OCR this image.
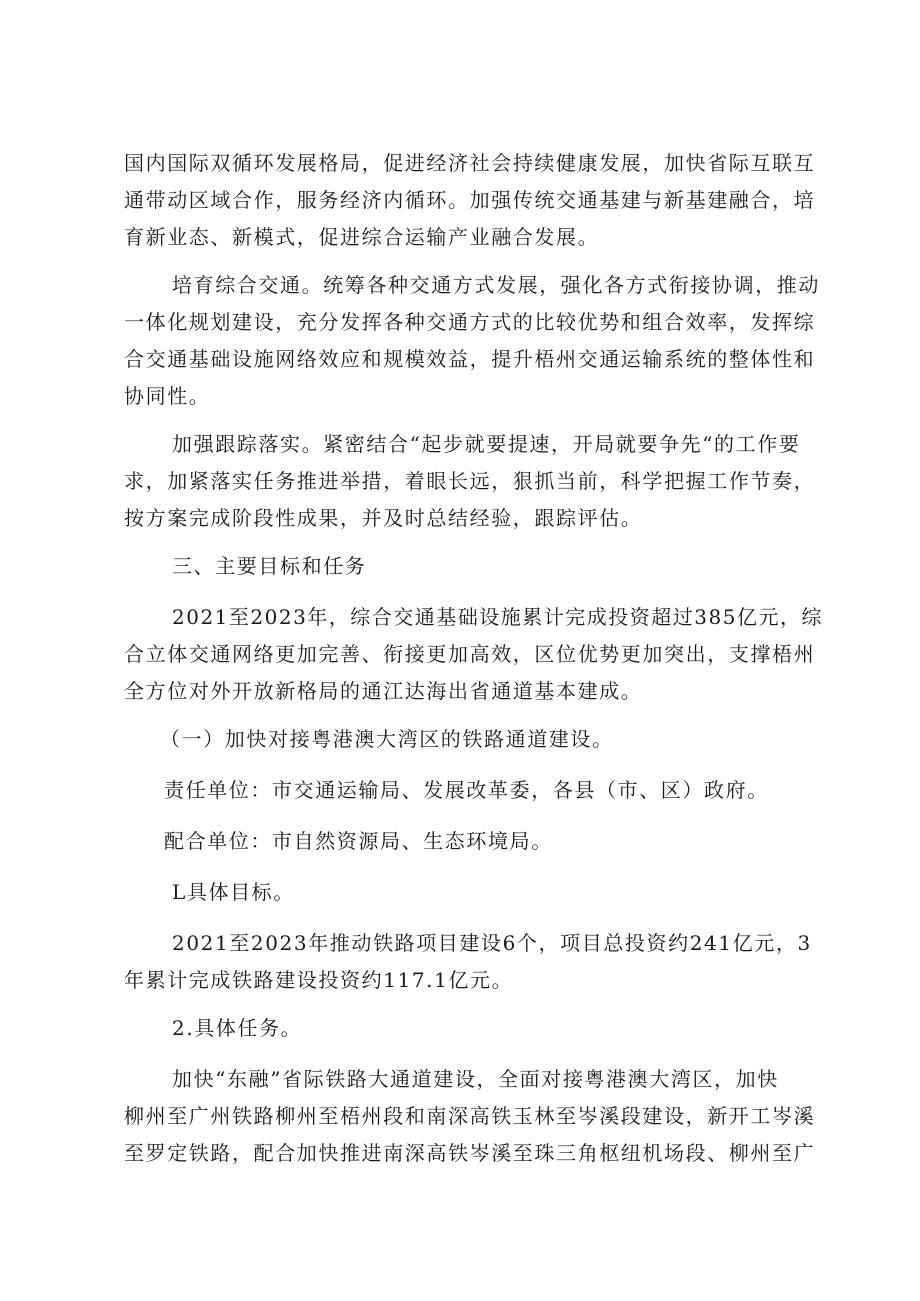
国内国际双循环发展格局，促进经济社会持续健康发展，加快省际互联互
通带动区域合作，服务经济内循环。加强传统交通基建与新基建融合，培
育新业态、新模式，促进综合运输产业融合发展。
培育综合交通。统筹各种交通方式发展，强化各方式衔接协调，推动
一体化规划建设，充分发挥各种交通方式的比较优势和组合效率，发挥综
合交通基础设施网络效应和规模效益，提升梧州交通运输系统的整体性和
协同性。
加强跟踪落实。紧密结合“起步就要提速，开局就要争先“的工作要
求，加紧落实任务推进举措，着眼长远，狠抓当前，科学把握工作节奏，
按方案完成阶段性成果，并及时总结经验，跟踪评估。
三、主要目标和任务
2021至2023年，综合交通基础设施累计完成投资超过385亿元，综
合立体交通网络更加完善、衔接更加高效，区位优势更加突出，支撑梧州
全方位对外开放新格局的通江达海出省通道基本建成。
（一）加快对接粤港澳大湾区的铁路通道建设。
责任单位：市交通运输局、发展改革委，各县（市、区）政府。
配合单位：市自然资源局、生态环境局。
L具体目标。
2021至2023年推动铁路项目建设6个，项目总投资约241亿元，3
年累计完成铁路建设投资约117.1亿元。
2.具体任务。
加快“东融”省际铁路大通道建设，全面对接粤港澳大湾区，加快
柳州至广州铁路柳州至梧州段和南深高铁玉林至岑溪段建设，新开工岑溪
至罗定铁路，配合加快推进南深高铁岑溪至珠三角枢纽机场段、柳州至广
